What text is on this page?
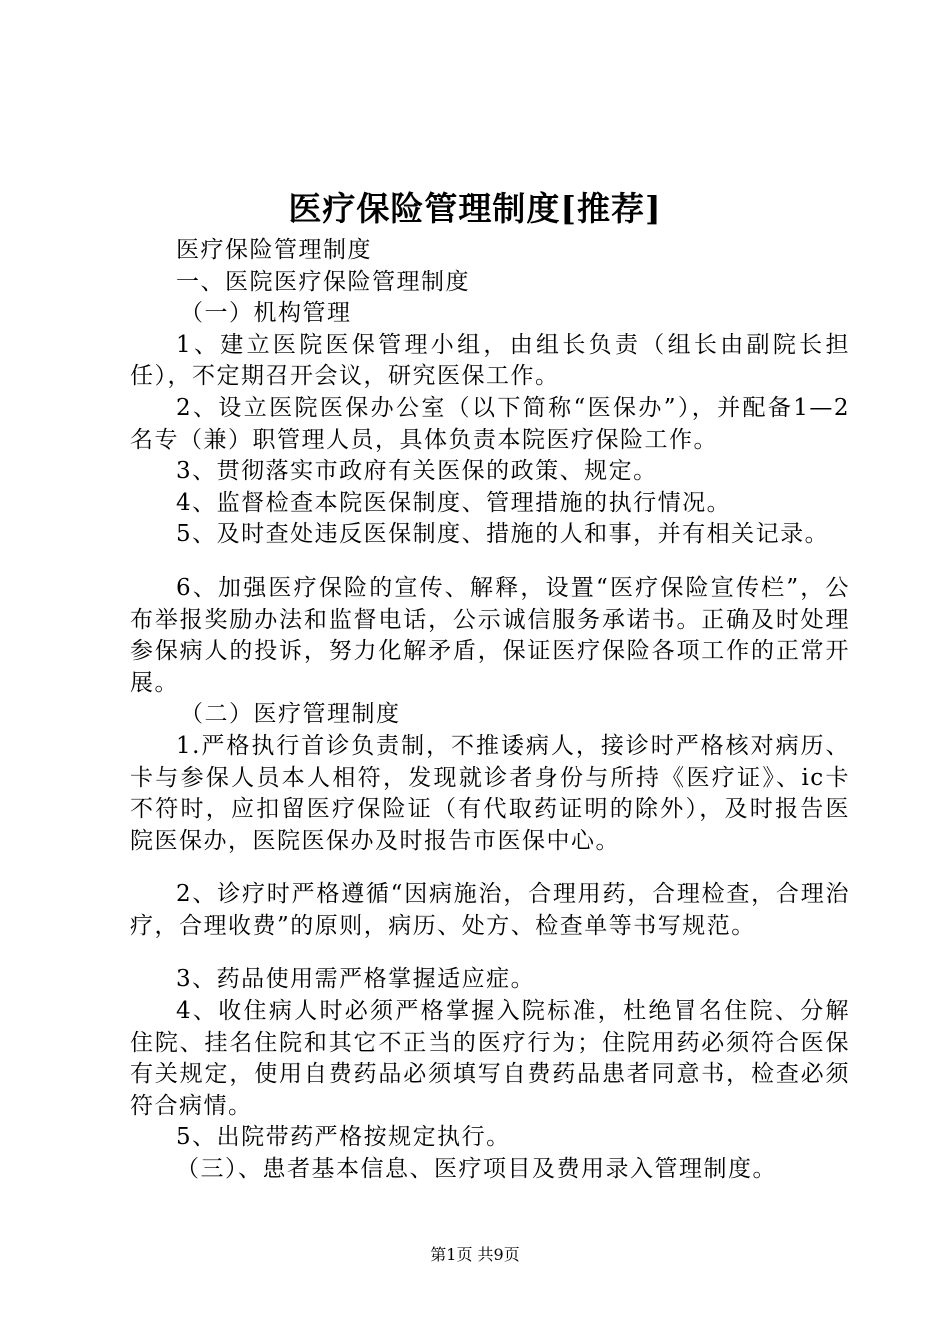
医疗保险管理制度[推荐]

医疗保险管理制度

一、医院医疗保险管理制度

（一）机构管理

1、建立医院医保管理小组，由组长负责（组长由副院长担任），不定期召开会议，研究医保工作。

2、设立医院医保办公室（以下简称“医保办”），并配备1—2名专（兼）职管理人员，具体负责本院医疗保险工作。

3、贯彻落实市政府有关医保的政策、规定。

4、监督检查本院医保制度、管理措施的执行情况。

5、及时查处违反医保制度、措施的人和事，并有相关记录。

6、加强医疗保险的宣传、解释，设置“医疗保险宣传栏”，公布举报奖励办法和监督电话，公示诚信服务承诺书。正确及时处理参保病人的投诉，努力化解矛盾，保证医疗保险各项工作的正常开展。

（二）医疗管理制度

1.严格执行首诊负责制，不推诿病人，接诊时严格核对病历、卡与参保人员本人相符，发现就诊者身份与所持《医疗证》、ic卡不符时，应扣留医疗保险证（有代取药证明的除外），及时报告医院医保办，医院医保办及时报告市医保中心。

2、诊疗时严格遵循“因病施治，合理用药，合理检查，合理治疗，合理收费”的原则，病历、处方、检查单等书写规范。

3、药品使用需严格掌握适应症。

4、收住病人时必须严格掌握入院标准，杜绝冒名住院、分解住院、挂名住院和其它不正当的医疗行为；住院用药必须符合医保有关规定，使用自费药品必须填写自费药品患者同意书，检查必须符合病情。

5、出院带药严格按规定执行。

（三）、患者基本信息、医疗项目及费用录入管理制度。

第1页 共9页
